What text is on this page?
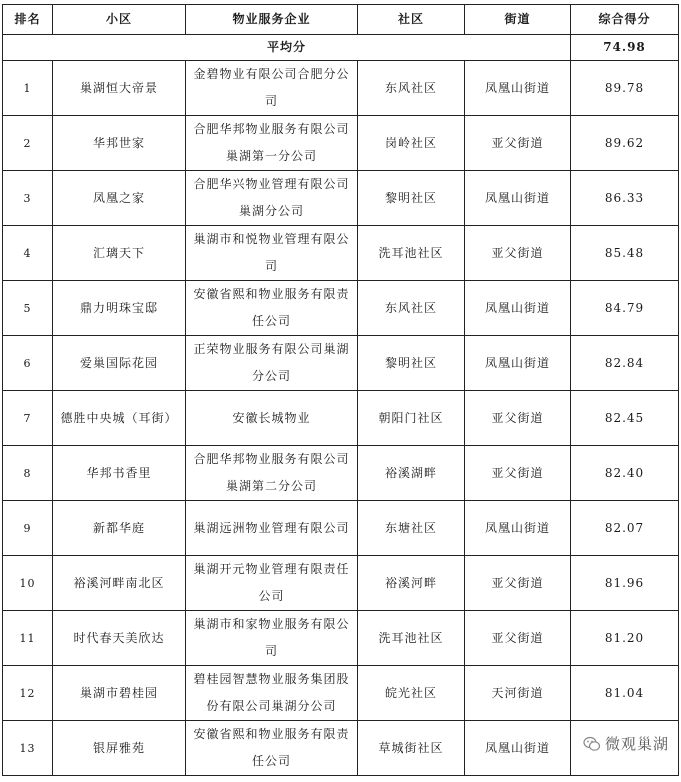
排名	小区	物业服务企业	社区	街道	综合得分
平均分					74.98
1	巢湖恒大帝景	金碧物业有限公司合肥分公司	东风社区	凤凰山街道	89.78
2	华邦世家	合肥华邦物业服务有限公司巢湖第一分公司	岗岭社区	亚父街道	89.62
3	凤凰之家	合肥华兴物业管理有限公司巢湖分公司	黎明社区	凤凰山街道	86.33
4	汇璃天下	巢湖市和悦物业管理有限公司	洗耳池社区	亚父街道	85.48
5	鼎力明珠宝邸	安徽省熙和物业服务有限责任公司	东风社区	凤凰山街道	84.79
6	爱巢国际花园	正荣物业服务有限公司巢湖分公司	黎明社区	凤凰山街道	82.84
7	德胜中央城（耳街）	安徽长城物业	朝阳门社区	亚父街道	82.45
8	华邦书香里	合肥华邦物业服务有限公司巢湖第二分公司	裕溪湖畔	亚父街道	82.40
9	新都华庭	巢湖远洲物业管理有限公司	东塘社区	凤凰山街道	82.07
10	裕溪河畔南北区	巢湖开元物业管理有限责任公司	裕溪河畔	亚父街道	81.96
11	时代春天美欣达	巢湖市和家物业服务有限公司	洗耳池社区	亚父街道	81.20
12	巢湖市碧桂园	碧桂园智慧物业服务集团股份有限公司巢湖分公司	皖光社区	天河街道	81.04
13	银屏雅苑	安徽省熙和物业服务有限责任公司	草城街社区	凤凰山街道		微观巢湖
